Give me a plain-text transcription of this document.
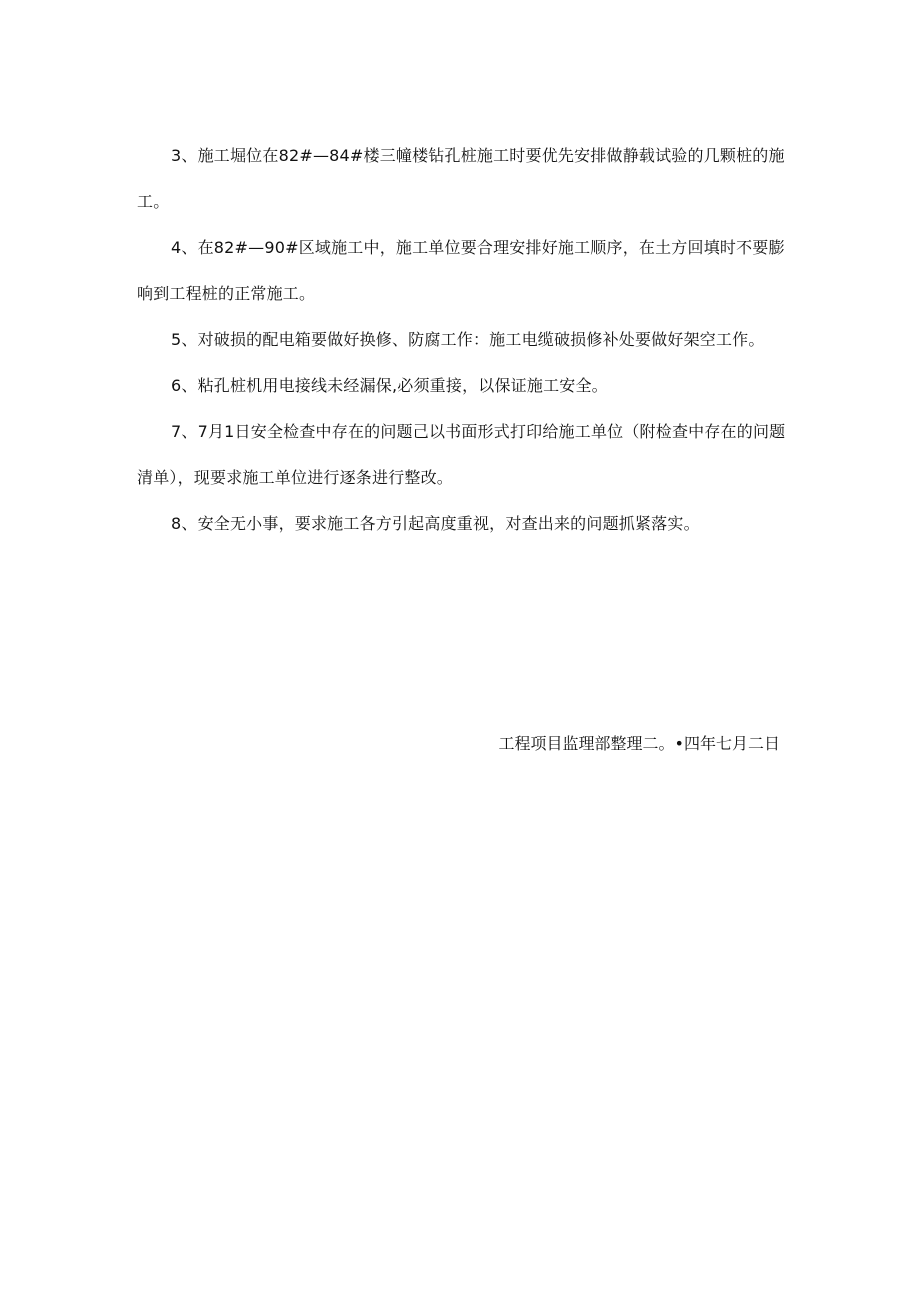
3、施工堀位在82#—84#楼三幢楼钻孔桩施工时要优先安排做静载试验的几颗桩的施工。

4、在82#—90#区域施工中，施工单位要合理安排好施工顺序，在土方回填时不要膨响到工程桩的正常施工。

5、对破损的配电箱要做好换修、防腐工作：施工电缆破损修补处要做好架空工作。

6、粘孔桩机用电接线未经漏保,必须重接，以保证施工安全。

7、7月1日安全检查中存在的问题己以书面形式打印给施工单位（附检查中存在的问题清单），现要求施工单位进行逐条进行整改。

8、安全无小事，要求施工各方引起高度重视，对查出来的问题抓紧落实。

工程项目监理部整理二。•四年七月二日
